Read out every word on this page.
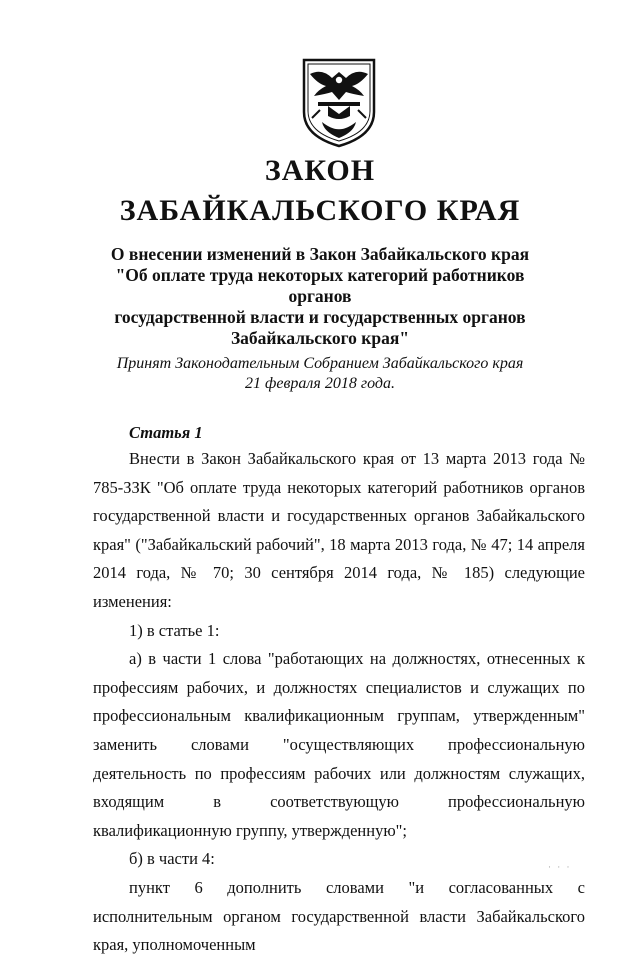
ЗАКОН
ЗАБАЙКАЛЬСКОГО КРАЯ
О внесении изменений в Закон Забайкальского края
"Об оплате труда некоторых категорий работников органов
государственной власти и государственных органов
Забайкальского края"
Принят Законодательным Собранием Забайкальского края
21 февраля 2018 года.
Статья 1

Внести в Закон Забайкальского края от 13 марта 2013 года № 785-ЗЗК "Об оплате труда некоторых категорий работников органов государственной власти и государственных органов Забайкальского края" ("Забайкальский рабочий", 18 марта 2013 года, № 47; 14 апреля 2014 года, № 70; 30 сентября 2014 года, № 185) следующие изменения:

1) в статье 1:

а) в части 1 слова "работающих на должностях, отнесенных к профессиям рабочих, и должностях специалистов и служащих по профессиональным квалификационным группам, утвержденным" заменить словами "осуществляющих профессиональную деятельность по профессиям рабочих или должностям служащих, входящим в соответствующую профессиональную квалификационную группу, утвержденную";

б) в части 4:

пункт 6 дополнить словами "и согласованных с исполнительным органом государственной власти Забайкальского края, уполномоченным

· · ·
